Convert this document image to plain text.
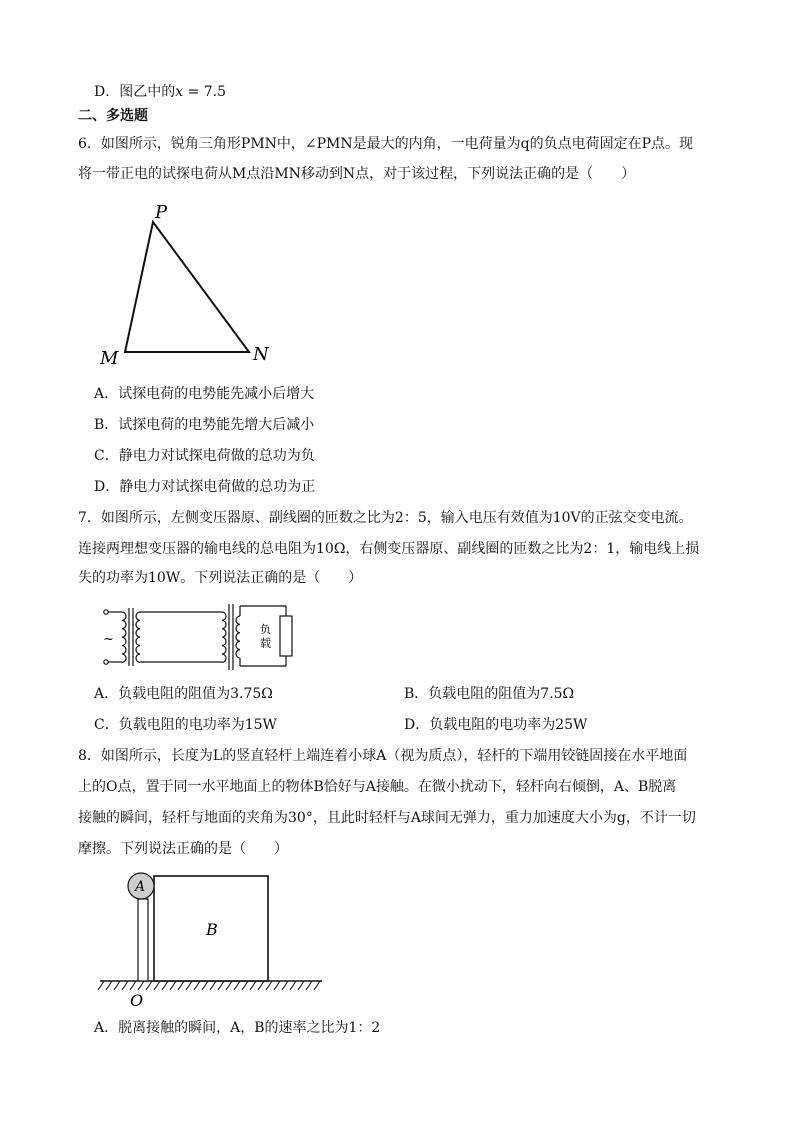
D．图乙中的x = 7.5
二、多选题
6．如图所示，锐角三角形PMN中，∠PMN是最大的内角，一电荷量为q的负点电荷固定在P点。现
将一带正电的试探电荷从M点沿MN移动到N点，对于该过程，下列说法正确的是（　　）
P
M	N
A．试探电荷的电势能先减小后增大
B．试探电荷的电势能先增大后减小
C．静电力对试探电荷做的总功为负
D．静电力对试探电荷做的总功为正
7．如图所示，左侧变压器原、副线圈的匝数之比为2：5，输入电压有效值为10V的正弦交变电流。
连接两理想变压器的输电线的总电阻为10Ω，右侧变压器原、副线圈的匝数之比为2：1，输电线上损
失的功率为10W。下列说法正确的是（　　）
~
负
载
A．负载电阻的阻值为3.75Ω	B．负载电阻的阻值为7.5Ω
C．负载电阻的电功率为15W	D．负载电阻的电功率为25W
8．如图所示，长度为L的竖直轻杆上端连着小球A（视为质点），轻杆的下端用铰链固接在水平地面
上的O点，置于同一水平地面上的物体B恰好与A接触。在微小扰动下，轻杆向右倾倒，A、B脱离
接触的瞬间，轻杆与地面的夹角为30°，且此时轻杆与A球间无弹力，重力加速度大小为g，不计一切
摩擦。下列说法正确的是（　　）
A
B
O
A．脱离接触的瞬间，A，B的速率之比为1：2
